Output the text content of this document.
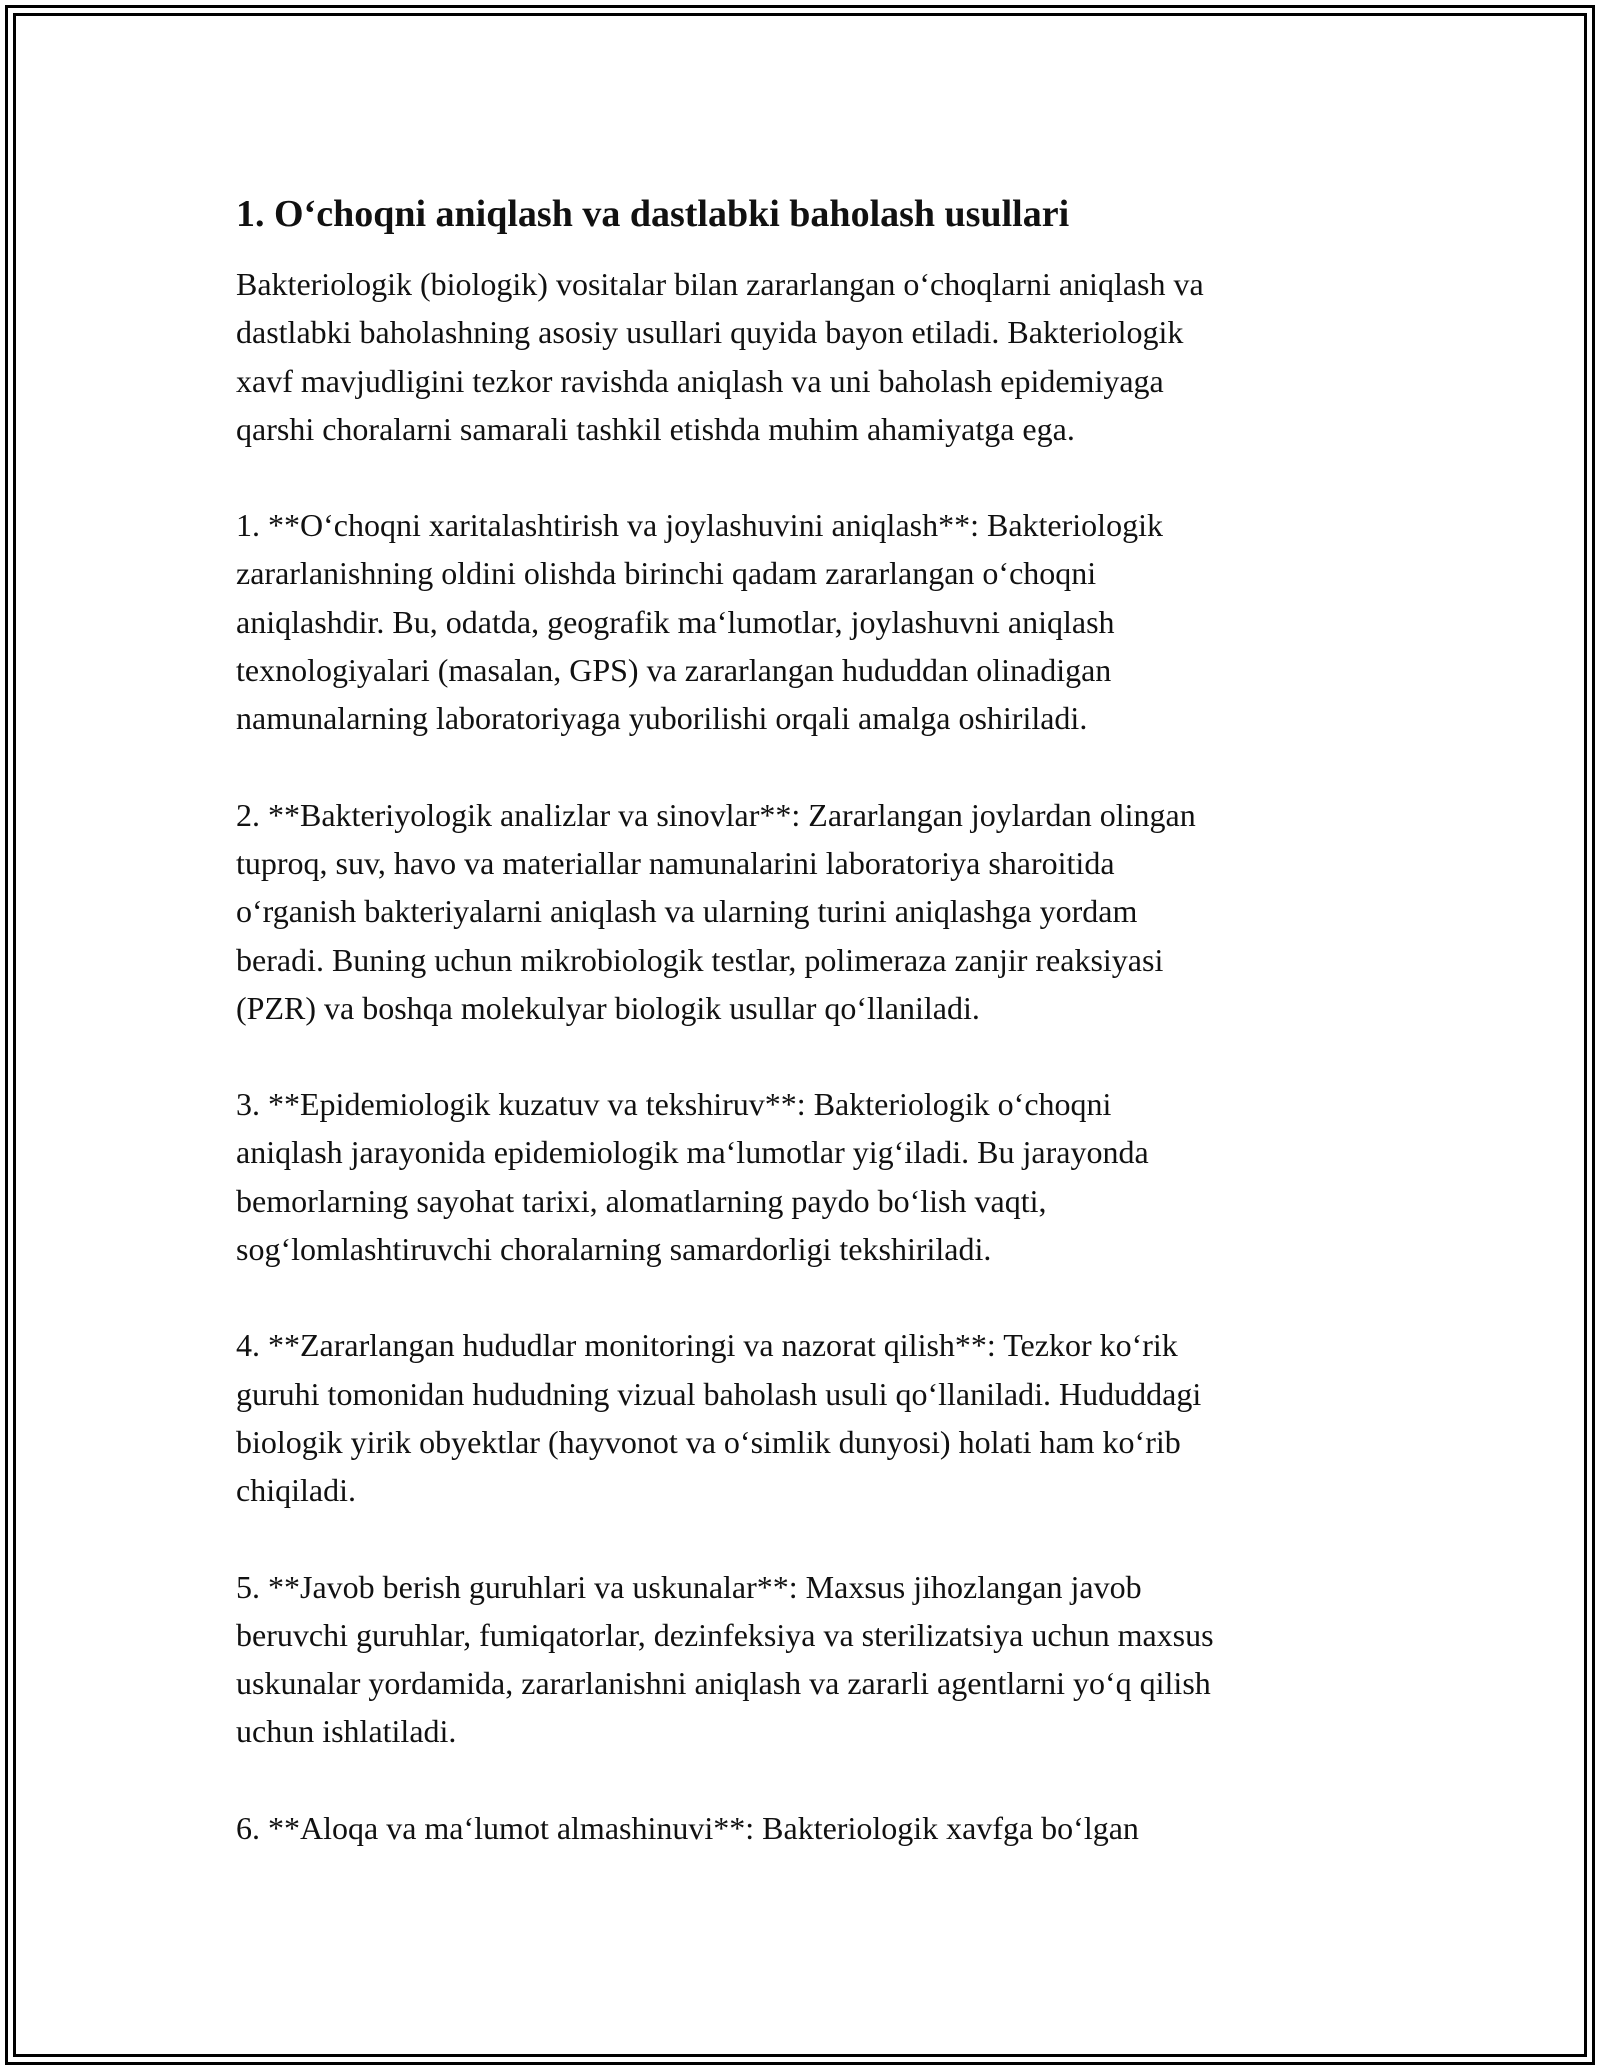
1. O‘choqni aniqlash va dastlabki baholash usullari

Bakteriologik (biologik) vositalar bilan zararlangan o‘choqlarni aniqlash va
dastlabki baholashning asosiy usullari quyida bayon etiladi. Bakteriologik
xavf mavjudligini tezkor ravishda aniqlash va uni baholash epidemiyaga
qarshi choralarni samarali tashkil etishda muhim ahamiyatga ega.

1. **O‘choqni xaritalashtirish va joylashuvini aniqlash**: Bakteriologik
zararlanishning oldini olishda birinchi qadam zararlangan o‘choqni
aniqlashdir. Bu, odatda, geografik ma‘lumotlar, joylashuvni aniqlash
texnologiyalari (masalan, GPS) va zararlangan hududdan olinadigan
namunalarning laboratoriyaga yuborilishi orqali amalga oshiriladi.

2. **Bakteriyologik analizlar va sinovlar**: Zararlangan joylardan olingan
tuproq, suv, havo va materiallar namunalarini laboratoriya sharoitida
o‘rganish bakteriyalarni aniqlash va ularning turini aniqlashga yordam
beradi. Buning uchun mikrobiologik testlar, polimeraza zanjir reaksiyasi
(PZR) va boshqa molekulyar biologik usullar qo‘llaniladi.

3. **Epidemiologik kuzatuv va tekshiruv**: Bakteriologik o‘choqni
aniqlash jarayonida epidemiologik ma‘lumotlar yig‘iladi. Bu jarayonda
bemorlarning sayohat tarixi, alomatlarning paydo bo‘lish vaqti,
sog‘lomlashtiruvchi choralarning samardorligi tekshiriladi.

4. **Zararlangan hududlar monitoringi va nazorat qilish**: Tezkor ko‘rik
guruhi tomonidan hududning vizual baholash usuli qo‘llaniladi. Hududdagi
biologik yirik obyektlar (hayvonot va o‘simlik dunyosi) holati ham ko‘rib
chiqiladi.

5. **Javob berish guruhlari va uskunalar**: Maxsus jihozlangan javob
beruvchi guruhlar, fumiqatorlar, dezinfeksiya va sterilizatsiya uchun maxsus
uskunalar yordamida, zararlanishni aniqlash va zararli agentlarni yo‘q qilish
uchun ishlatiladi.

6. **Aloqa va ma‘lumot almashinuvi**: Bakteriologik xavfga bo‘lgan
